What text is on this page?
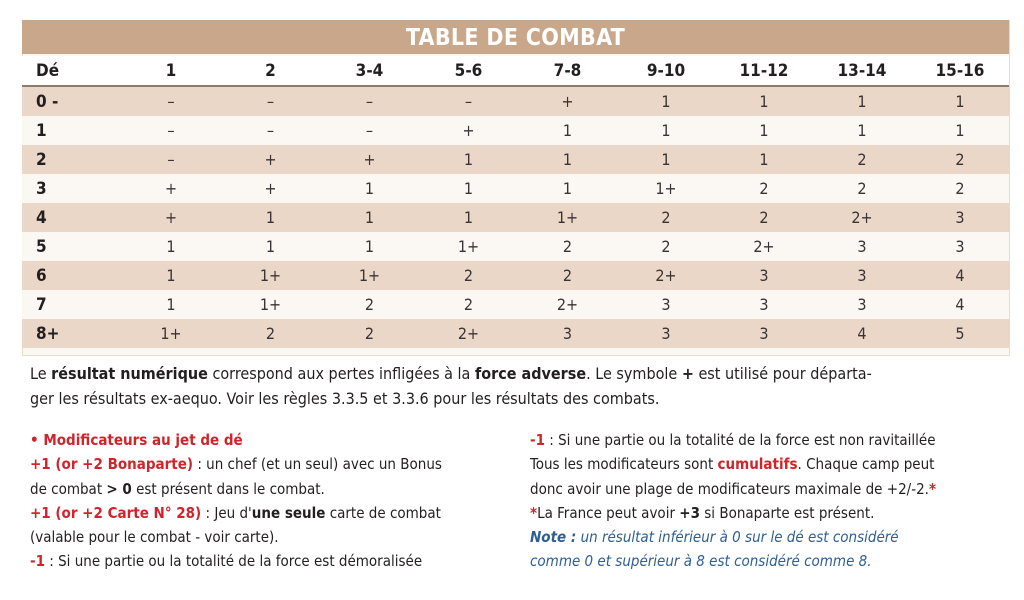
TABLE DE COMBAT
Dé	1	2	3-4	5-6	7-8	9-10	11-12	13-14	15-16
0 -	–	–	–	–	+	1	1	1	1
1	–	–	–	+	1	1	1	1	1
2	–	+	+	1	1	1	1	2	2
3	+	+	1	1	1	1+	2	2	2
4	+	1	1	1	1+	2	2	2+	3
5	1	1	1	1+	2	2	2+	3	3
6	1	1+	1+	2	2	2+	3	3	4
7	1	1+	2	2	2+	3	3	3	4
8+	1+	2	2	2+	3	3	3	4	5
Le résultat numérique correspond aux pertes infligées à la force adverse. Le symbole + est utilisé pour départa-
ger les résultats ex-aequo. Voir les règles 3.3.5 et 3.3.6 pour les résultats des combats.
• Modificateurs au jet de dé
+1 (or +2 Bonaparte) : un chef (et un seul) avec un Bonus
de combat > 0 est présent dans le combat.
+1 (or +2 Carte N° 28) : Jeu d'une seule carte de combat
(valable pour le combat - voir carte).
-1 : Si une partie ou la totalité de la force est démoralisée
-1 : Si une partie ou la totalité de la force est non ravitaillée
Tous les modificateurs sont cumulatifs. Chaque camp peut
donc avoir une plage de modificateurs maximale de +2/-2.*
*La France peut avoir +3 si Bonaparte est présent.
Note : un résultat inférieur à 0 sur le dé est considéré
comme 0 et supérieur à 8 est considéré comme 8.
